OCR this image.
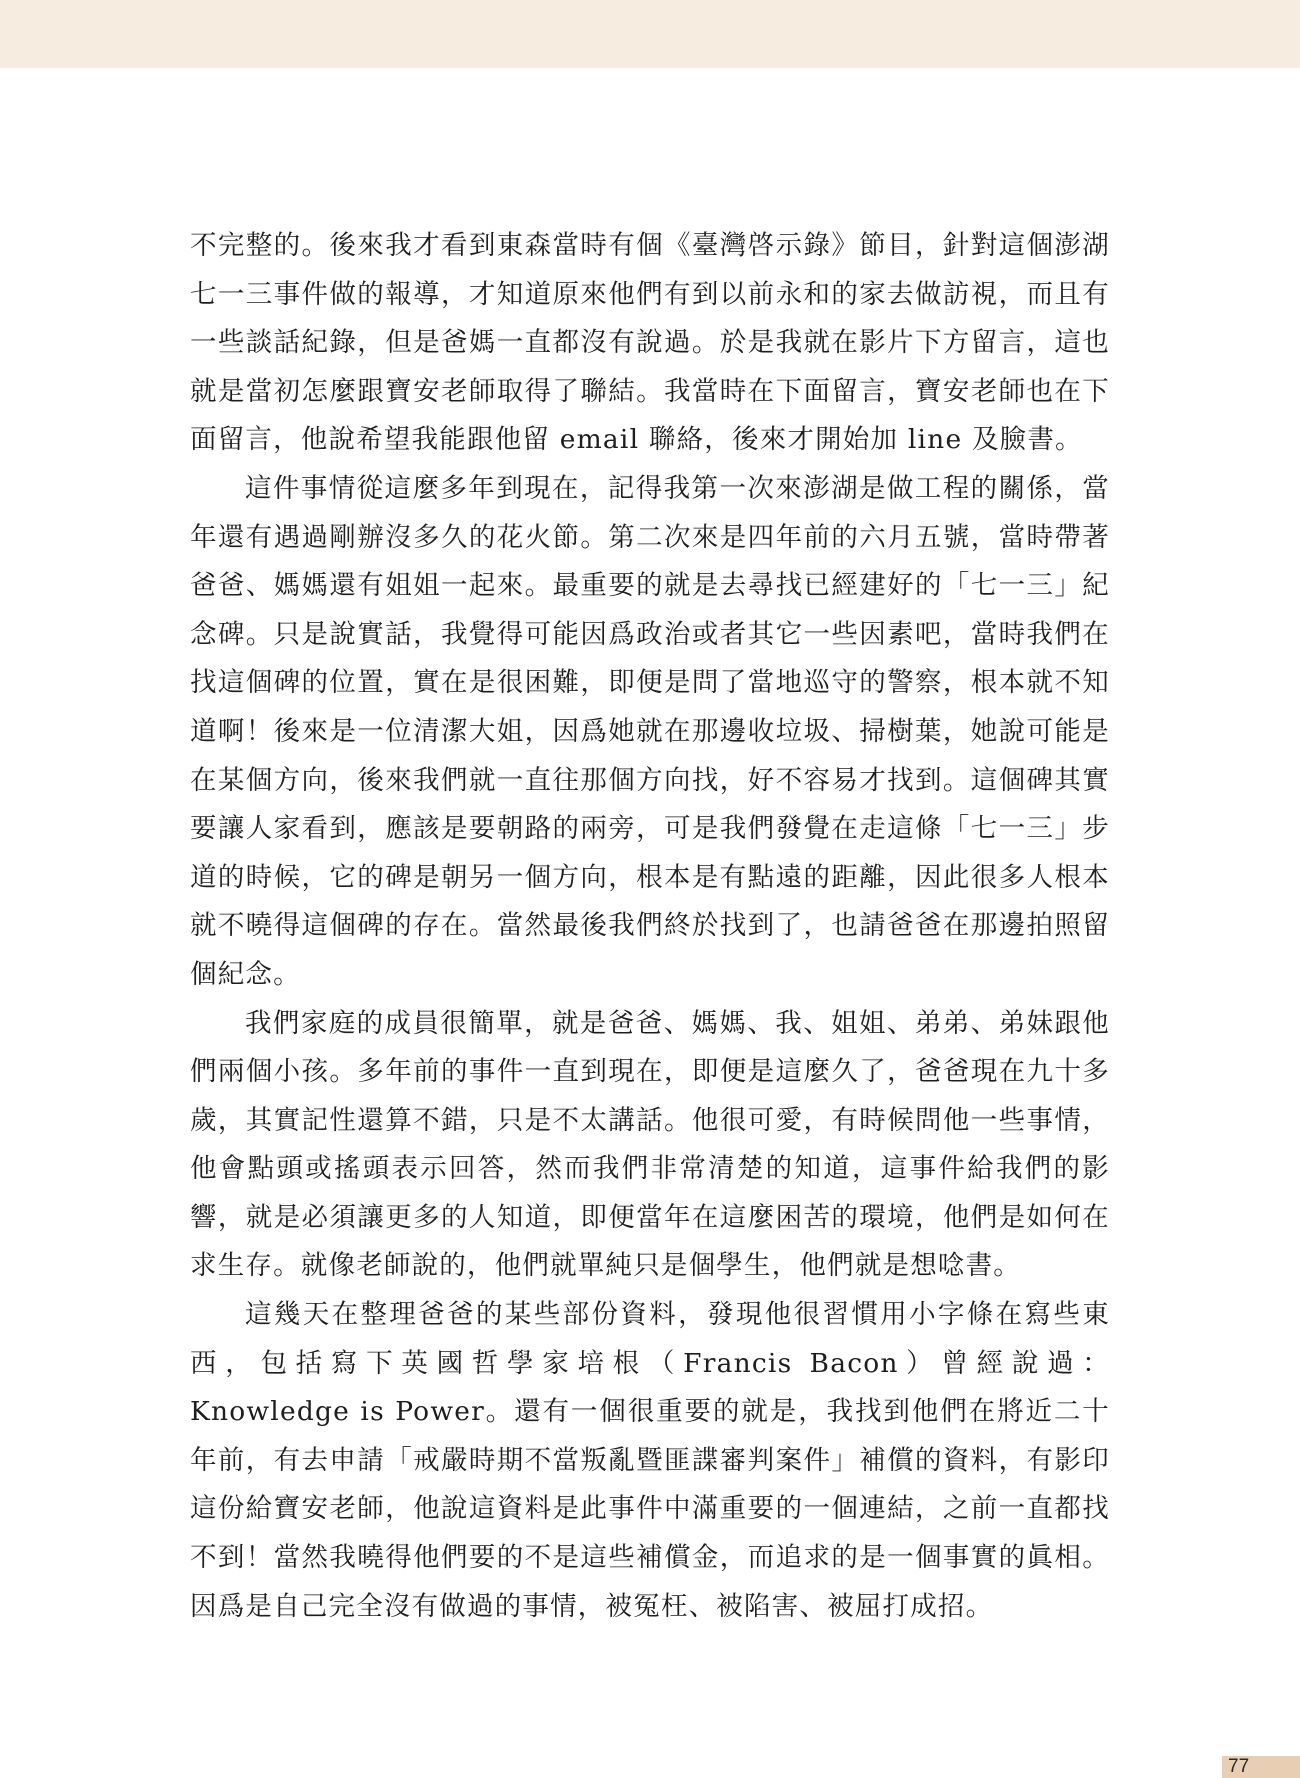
不完整的。後來我才看到東森當時有個《臺灣啓示錄》節目，針對這個澎湖七一三事件做的報導，才知道原來他們有到以前永和的家去做訪視，而且有一些談話紀錄，但是爸媽一直都沒有說過。於是我就在影片下方留言，這也就是當初怎麼跟寶安老師取得了聯結。我當時在下面留言，寶安老師也在下面留言，他說希望我能跟他留 email 聯絡，後來才開始加 line 及臉書。

這件事情從這麼多年到現在，記得我第一次來澎湖是做工程的關係，當年還有遇過剛辦沒多久的花火節。第二次來是四年前的六月五號，當時帶著爸爸、媽媽還有姐姐一起來。最重要的就是去尋找已經建好的「七一三」紀念碑。只是說實話，我覺得可能因爲政治或者其它一些因素吧，當時我們在找這個碑的位置，實在是很困難，即便是問了當地巡守的警察，根本就不知道啊！後來是一位清潔大姐，因爲她就在那邊收垃圾、掃樹葉，她說可能是在某個方向，後來我們就一直往那個方向找，好不容易才找到。這個碑其實要讓人家看到，應該是要朝路的兩旁，可是我們發覺在走這條「七一三」步道的時候，它的碑是朝另一個方向，根本是有點遠的距離，因此很多人根本就不曉得這個碑的存在。當然最後我們終於找到了，也請爸爸在那邊拍照留個紀念。

我們家庭的成員很簡單，就是爸爸、媽媽、我、姐姐、弟弟、弟妹跟他們兩個小孩。多年前的事件一直到現在，即便是這麼久了，爸爸現在九十多歲，其實記性還算不錯，只是不太講話。他很可愛，有時候問他一些事情，他會點頭或搖頭表示回答，然而我們非常清楚的知道，這事件給我們的影響，就是必須讓更多的人知道，即便當年在這麼困苦的環境，他們是如何在求生存。就像老師說的，他們就單純只是個學生，他們就是想唸書。

這幾天在整理爸爸的某些部份資料，發現他很習慣用小字條在寫些東西，包括寫下英國哲學家培根（Francis Bacon）曾經說過：Knowledge is Power。還有一個很重要的就是，我找到他們在將近二十年前，有去申請「戒嚴時期不當叛亂暨匪諜審判案件」補償的資料，有影印這份給寶安老師，他說這資料是此事件中滿重要的一個連結，之前一直都找不到！當然我曉得他們要的不是這些補償金，而追求的是一個事實的眞相。因爲是自己完全沒有做過的事情，被冤枉、被陷害、被屈打成招。

77
